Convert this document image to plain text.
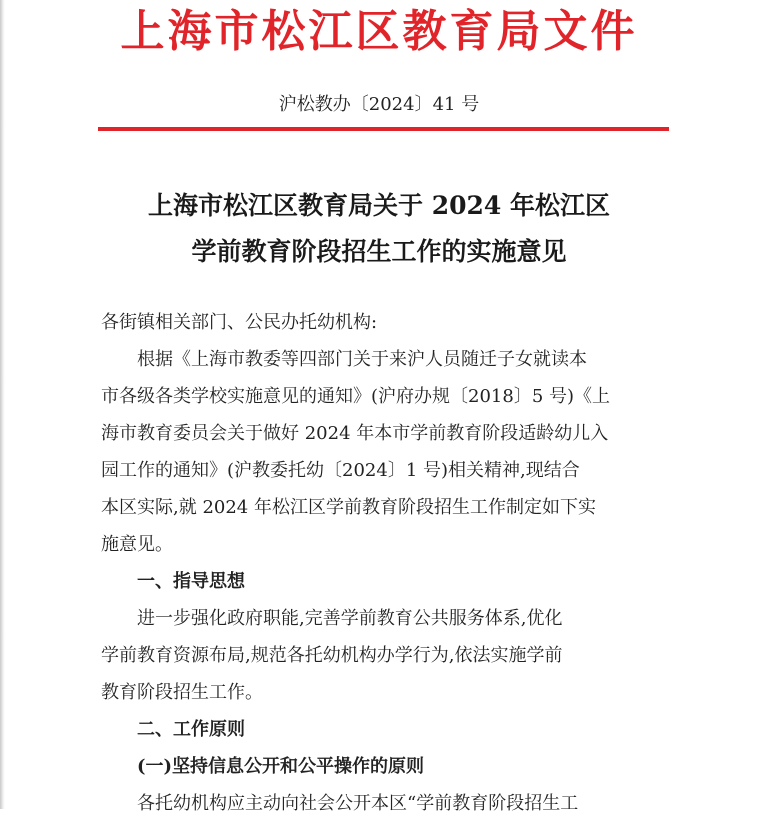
上海市松江区教育局文件
沪松教办〔2024〕41 号
上海市松江区教育局关于 2024 年松江区
学前教育阶段招生工作的实施意见
各街镇相关部门、公民办托幼机构:
根据《上海市教委等四部门关于来沪人员随迁子女就读本
市各级各类学校实施意见的通知》(沪府办规〔2018〕5 号)《上
海市教育委员会关于做好 2024 年本市学前教育阶段适龄幼儿入
园工作的通知》(沪教委托幼〔2024〕1 号)相关精神,现结合
本区实际,就 2024 年松江区学前教育阶段招生工作制定如下实
施意见。
一、指导思想
进一步强化政府职能,完善学前教育公共服务体系,优化
学前教育资源布局,规范各托幼机构办学行为,依法实施学前
教育阶段招生工作。
二、工作原则
(一)坚持信息公开和公平操作的原则
各托幼机构应主动向社会公开本区“学前教育阶段招生工
